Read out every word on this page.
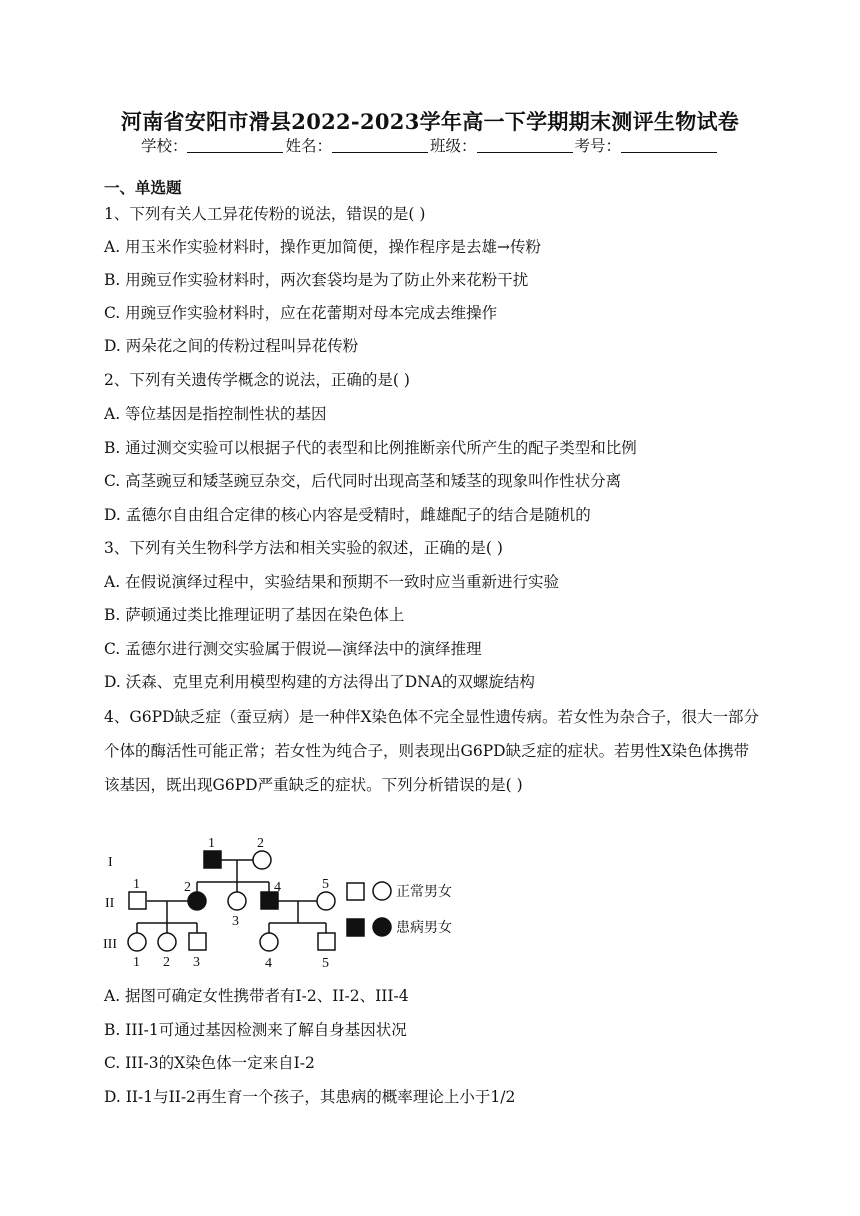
河南省安阳市滑县2022-2023学年高一下学期期末测评生物试卷
学校：	姓名：	班级：	考号：
一、单选题
1、下列有关人工异花传粉的说法，错误的是( )
A. 用玉米作实验材料时，操作更加简便，操作程序是去雄→传粉
B. 用豌豆作实验材料时，两次套袋均是为了防止外来花粉干扰
C. 用豌豆作实验材料时，应在花蕾期对母本完成去维操作
D. 两朵花之间的传粉过程叫异花传粉
2、下列有关遗传学概念的说法，正确的是( )
A. 等位基因是指控制性状的基因
B. 通过测交实验可以根据子代的表型和比例推断亲代所产生的配子类型和比例
C. 高茎豌豆和矮茎豌豆杂交，后代同时出现高茎和矮茎的现象叫作性状分离
D. 孟德尔自由组合定律的核心内容是受精时，雌雄配子的结合是随机的
3、下列有关生物科学方法和相关实验的叙述，正确的是( )
A. 在假说演绎过程中，实验结果和预期不一致时应当重新进行实验
B. 萨顿通过类比推理证明了基因在染色体上
C. 孟德尔进行测交实验属于假说—演绎法中的演绎推理
D. 沃森、克里克利用模型构建的方法得出了DNA的双螺旋结构
4、G6PD缺乏症（蚕豆病）是一种伴X染色体不完全显性遗传病。若女性为杂合子，很大一部分个体的酶活性可能正常；若女性为纯合子，则表现出G6PD缺乏症的症状。若男性X染色体携带该基因，既出现G6PD严重缺乏的症状。下列分析错误的是( )
I
II
III
1	2
1	2
3
4	5
1 2 3	4	5
正常男女
患病男女
A. 据图可确定女性携带者有I-2、II-2、III-4
B. III-1可通过基因检测来了解自身基因状况
C. III-3的X染色体一定来自I-2
D. II-1与II-2再生育一个孩子，其患病的概率理论上小于1/2
